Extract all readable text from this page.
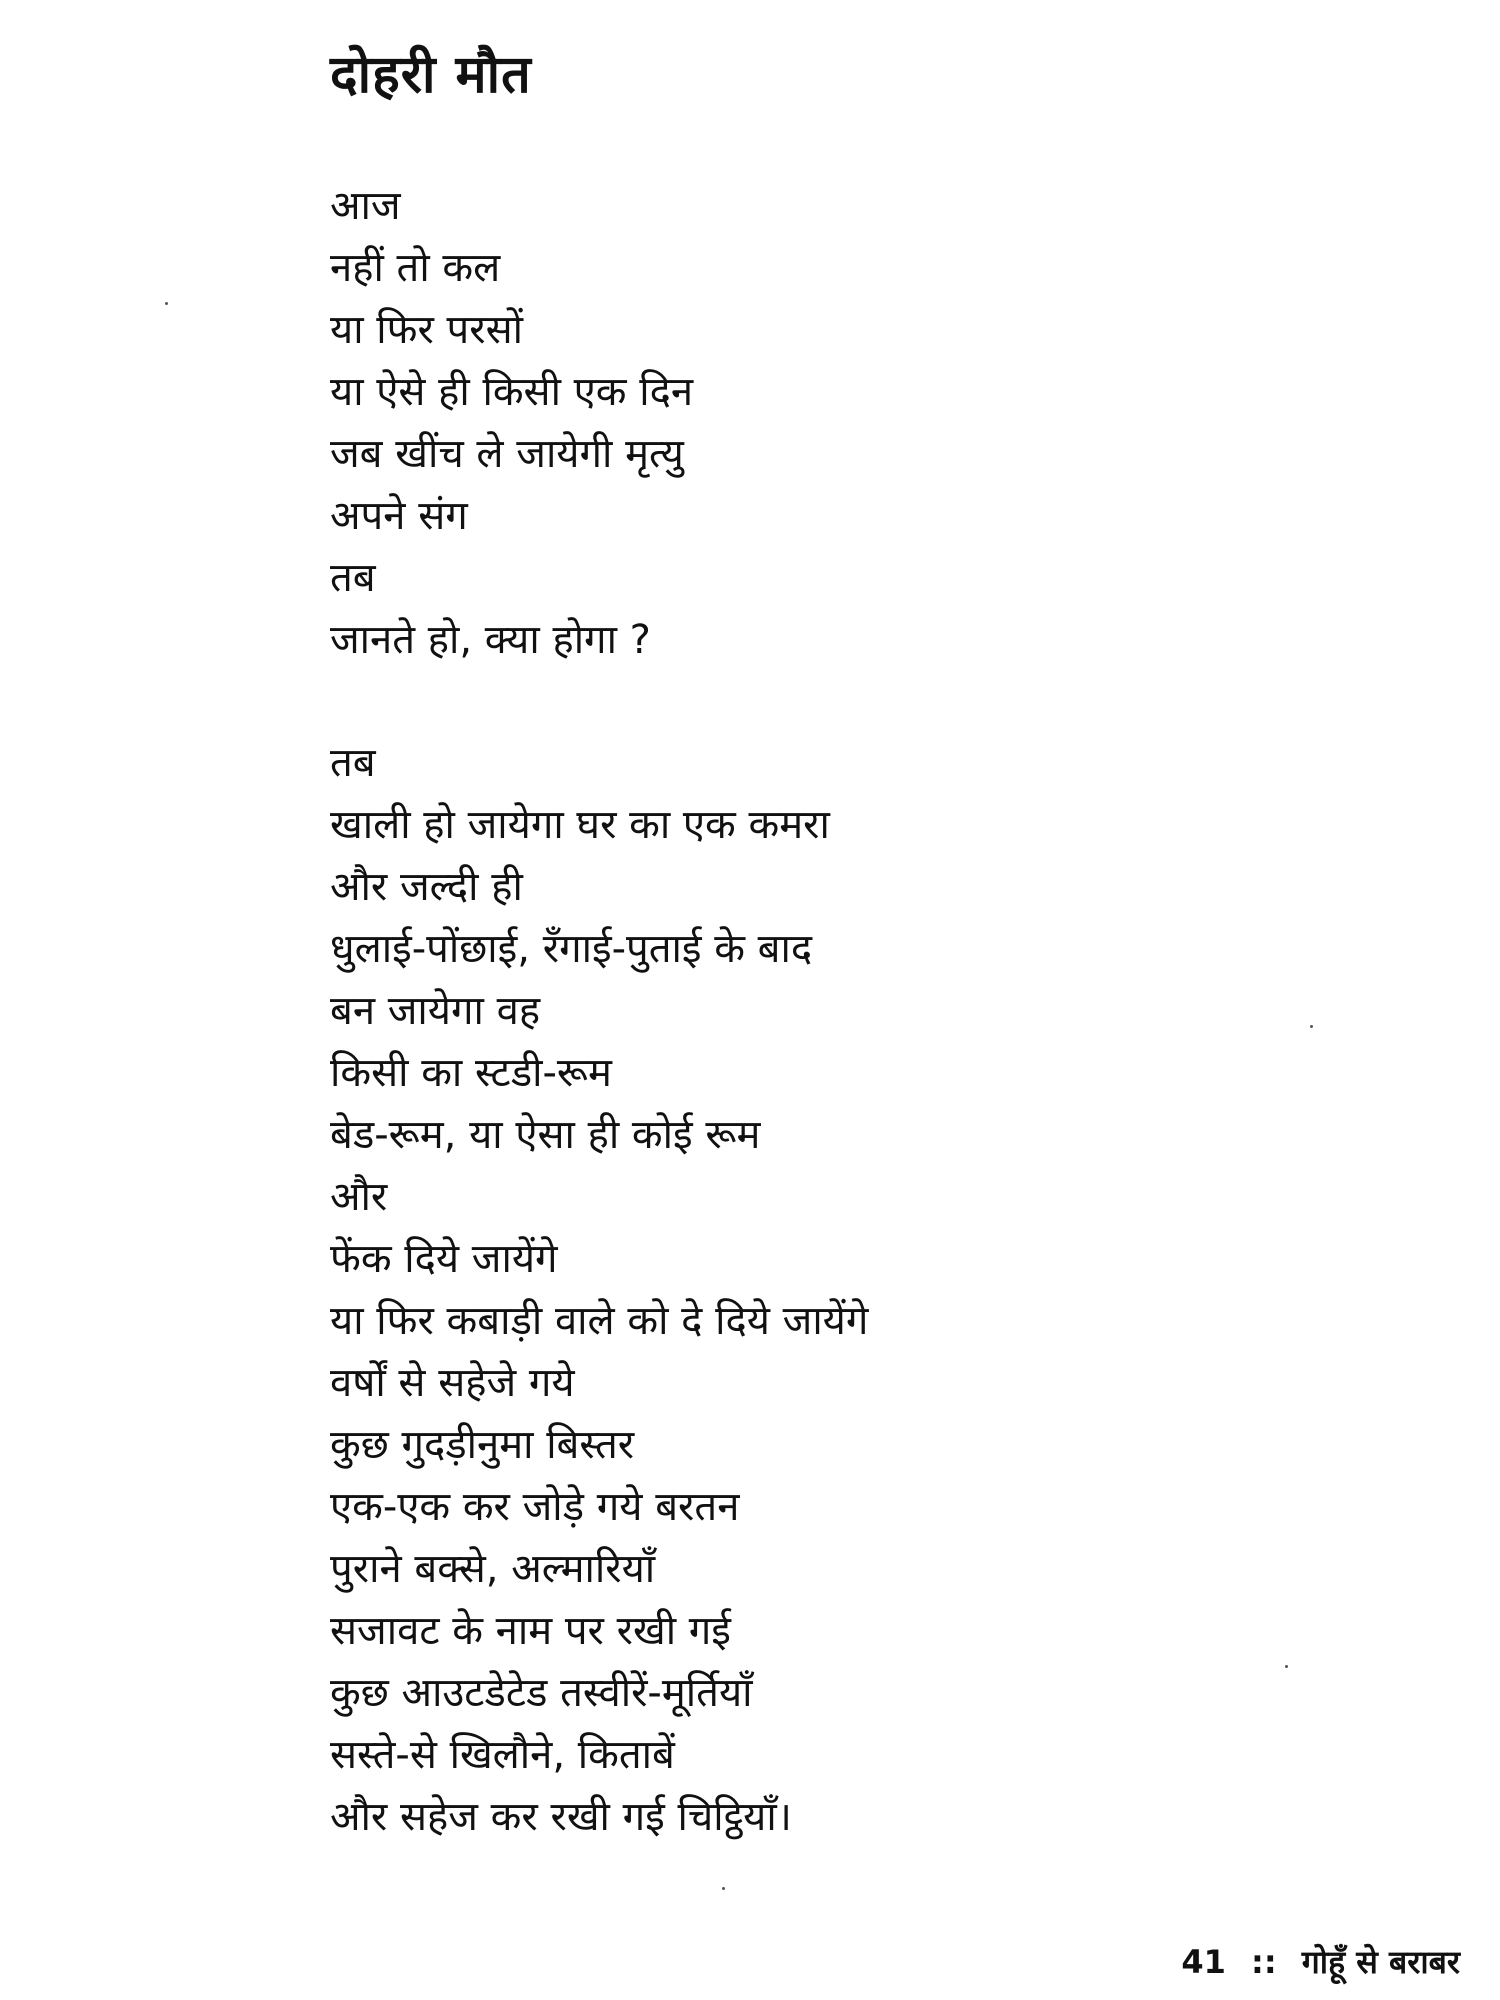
दोहरी मौत
आज
नहीं तो कल
या फिर परसों
या ऐसे ही किसी एक दिन
जब खींच ले जायेगी मृत्यु
अपने संग
तब
जानते हो, क्या होगा ?
तब
खाली हो जायेगा घर का एक कमरा
और जल्दी ही
धुलाई-पोंछाई, रँगाई-पुताई के बाद
बन जायेगा वह
किसी का स्टडी-रूम
बेड-रूम, या ऐसा ही कोई रूम
और
फेंक दिये जायेंगे
या फिर कबाड़ी वाले को दे दिये जायेंगे
वर्षों से सहेजे गये
कुछ गुदड़ीनुमा बिस्तर
एक-एक कर जोड़े गये बरतन
पुराने बक्से, अल्मारियाँ
सजावट के नाम पर रखी गई
कुछ आउटडेटेड तस्वीरें-मूर्तियाँ
सस्ते-से खिलौने, किताबें
और सहेज कर रखी गई चिट्ठियाँ।
41 :: गोहूँ से बराबर
